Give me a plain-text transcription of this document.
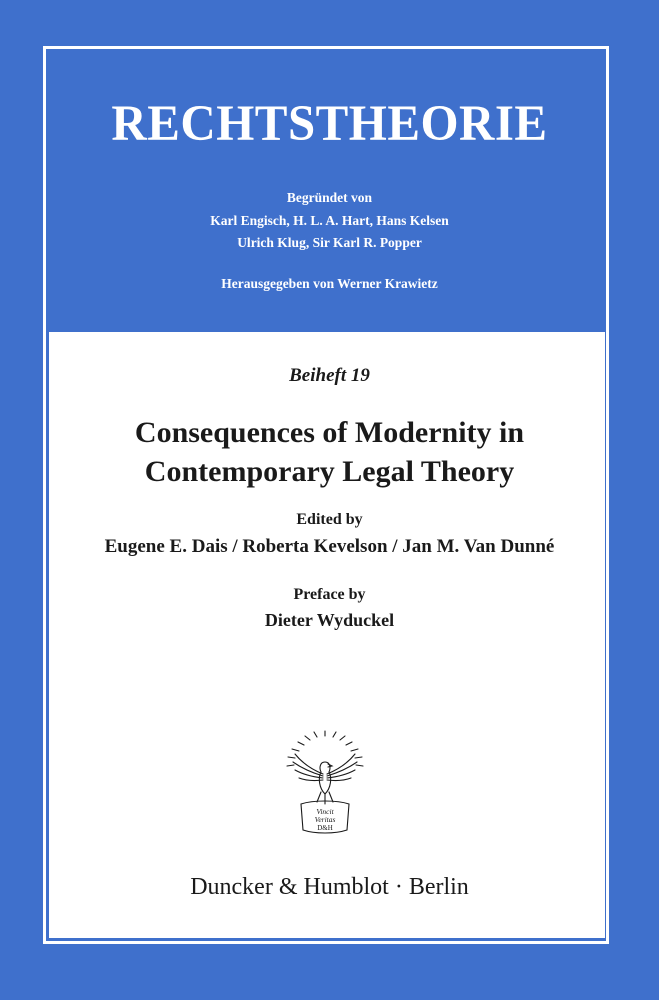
RECHTSTHEORIE
Begründet von
Karl Engisch, H. L. A. Hart, Hans Kelsen
Ulrich Klug, Sir Karl R. Popper
Herausgegeben von Werner Krawietz
Beiheft 19
Consequences of Modernity in
Contemporary Legal Theory
Edited by
Eugene E. Dais / Roberta Kevelson / Jan M. Van Dunné
Preface by
Dieter Wyduckel
Vincit
Veritas
D&H
Duncker & Humblot · Berlin
